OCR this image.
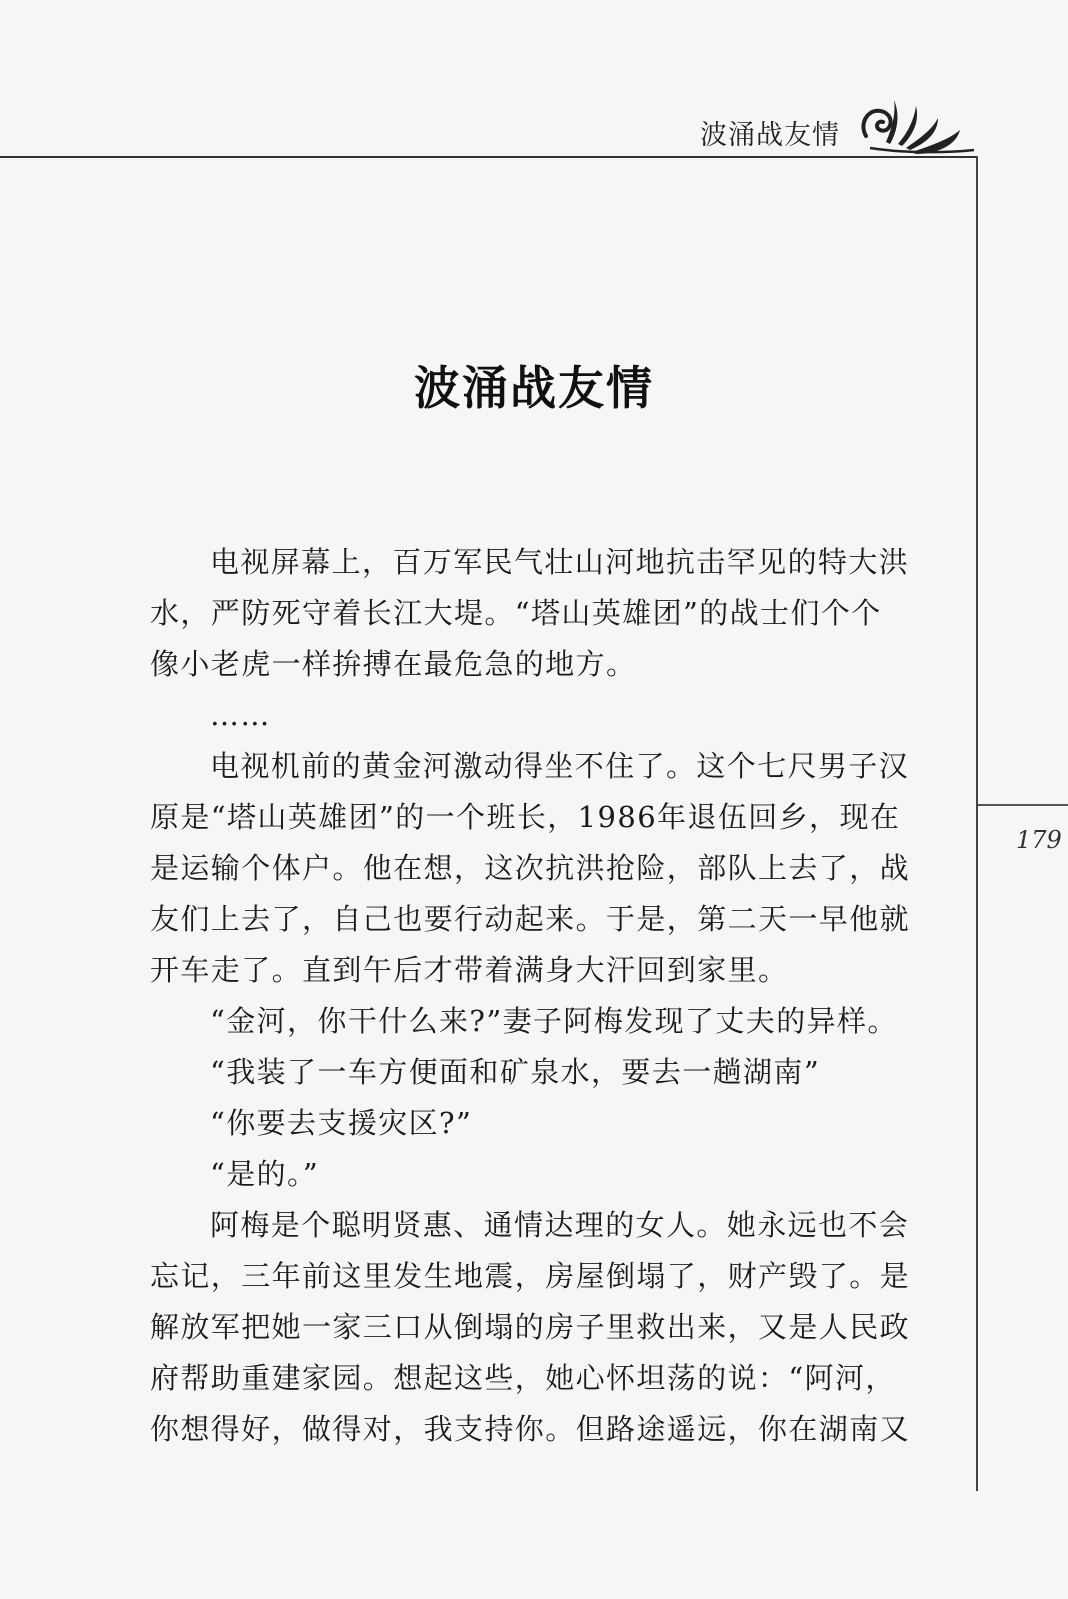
波涌战友情
179
波涌战友情
电视屏幕上，百万军民气壮山河地抗击罕见的特大洪
水，严防死守着长江大堤。“塔山英雄团”的战士们个个
像小老虎一样拚搏在最危急的地方。
……
电视机前的黄金河激动得坐不住了。这个七尺男子汉
原是“塔山英雄团”的一个班长，1986年退伍回乡，现在
是运输个体户。他在想，这次抗洪抢险，部队上去了，战
友们上去了，自己也要行动起来。于是，第二天一早他就
开车走了。直到午后才带着满身大汗回到家里。
“金河，你干什么来?”妻子阿梅发现了丈夫的异样。
“我装了一车方便面和矿泉水，要去一趟湖南”
“你要去支援灾区?”
“是的。”
阿梅是个聪明贤惠、通情达理的女人。她永远也不会
忘记，三年前这里发生地震，房屋倒塌了，财产毁了。是
解放军把她一家三口从倒塌的房子里救出来，又是人民政
府帮助重建家园。想起这些，她心怀坦荡的说：“阿河，
你想得好，做得对，我支持你。但路途遥远，你在湖南又
